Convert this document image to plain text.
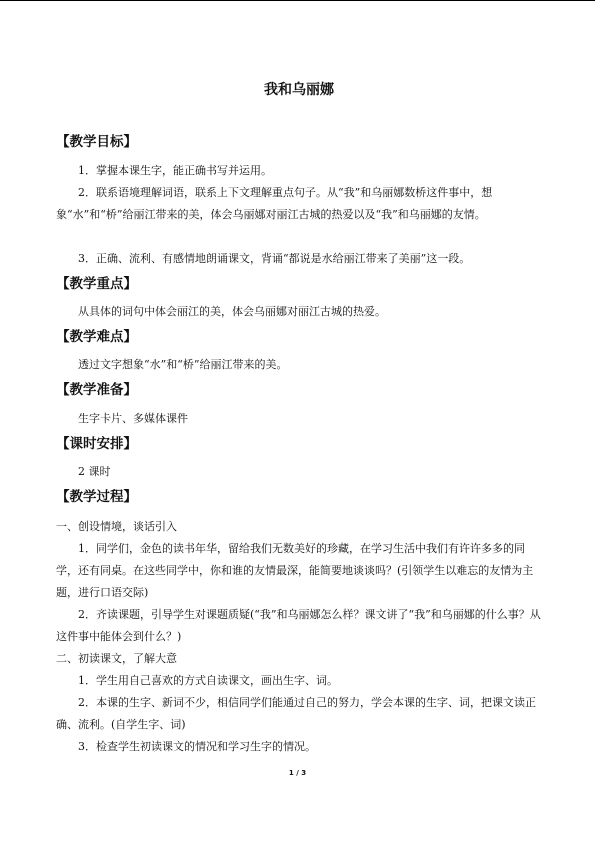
我和乌丽娜
【教学目标】
1．掌握本课生字，能正确书写并运用。
2．联系语境理解词语，联系上下文理解重点句子。从“我”和乌丽娜数桥这件事中，想象“水”和“桥”给丽江带来的美，体会乌丽娜对丽江古城的热爱以及“我”和乌丽娜的友情。
3．正确、流利、有感情地朗诵课文，背诵“都说是水给丽江带来了美丽”这一段。
【教学重点】
从具体的词句中体会丽江的美，体会乌丽娜对丽江古城的热爱。
【教学难点】
透过文字想象“水”和“桥”给丽江带来的美。
【教学准备】
生字卡片、多媒体课件
【课时安排】
2 课时
【教学过程】
一、创设情境，谈话引入
1．同学们，金色的读书年华，留给我们无数美好的珍藏，在学习生活中我们有许许多多的同学，还有同桌。在这些同学中，你和谁的友情最深，能简要地谈谈吗？(引领学生以难忘的友情为主题，进行口语交际)
2．齐读课题，引导学生对课题质疑(“我”和乌丽娜怎么样？课文讲了“我”和乌丽娜的什么事？从这件事中能体会到什么？)
二、初读课文，了解大意
1．学生用自己喜欢的方式自读课文，画出生字、词。
2．本课的生字、新词不少，相信同学们能通过自己的努力，学会本课的生字、词，把课文读正确、流利。(自学生字、词)
3．检查学生初读课文的情况和学习生字的情况。
1 / 3
